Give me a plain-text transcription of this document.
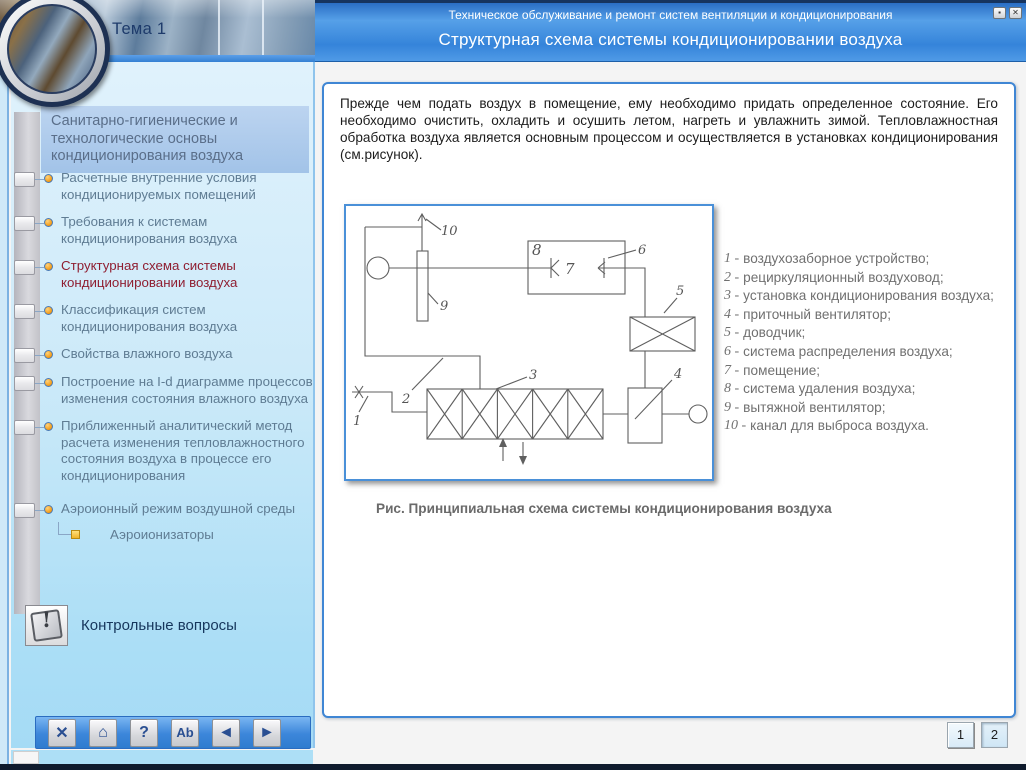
Тема 1
Техническое обслуживание и ремонт систем вентиляции и кондиционирования
Структурная схема системы кондиционировании воздуха
▪	✕
Санитарно-гигиенические и технологические основы кондиционирования воздуха
Расчетные внутренние условия кондиционируемых помещений
Требования к системам кондиционирования воздуха
Структурная схема системы кондиционировании воздуха
Классификация систем кондиционирования воздуха
Свойства влажного воздуха
Построение на I-d диаграмме процессов изменения состояния влажного воздуха
Приближенный аналитический метод расчета изменения тепловлажностного состояния воздуха в процессе его кондиционирования
Аэроионный режим воздушной среды
Аэроионизаторы
!	Контрольные вопросы
✕	⌂	?	Ab	◄	►
Прежде чем подать воздух в помещение, ему необходимо придать определенное состояние. Его необходимо очистить, охладить и осушить летом, нагреть и увлажнить зимой. Тепловлажностная обработка воздуха является основным процессом и осуществляется в установках кондиционирования (см.рисунок).
1
2
3	4
5
6
7
8
9
10
1 - воздухозаборное устройство;
2 - рециркуляционный воздуховод;
3 - установка кондиционирования воздуха;
4 - приточный вентилятор;
5 - доводчик;
6 - система распределения воздуха;
7 - помещение;
8 - система удаления воздуха;
9 - вытяжной вентилятор;
10 - канал для выброса воздуха.
Рис. Принципиальная схема системы кондиционирования воздуха
1	2
